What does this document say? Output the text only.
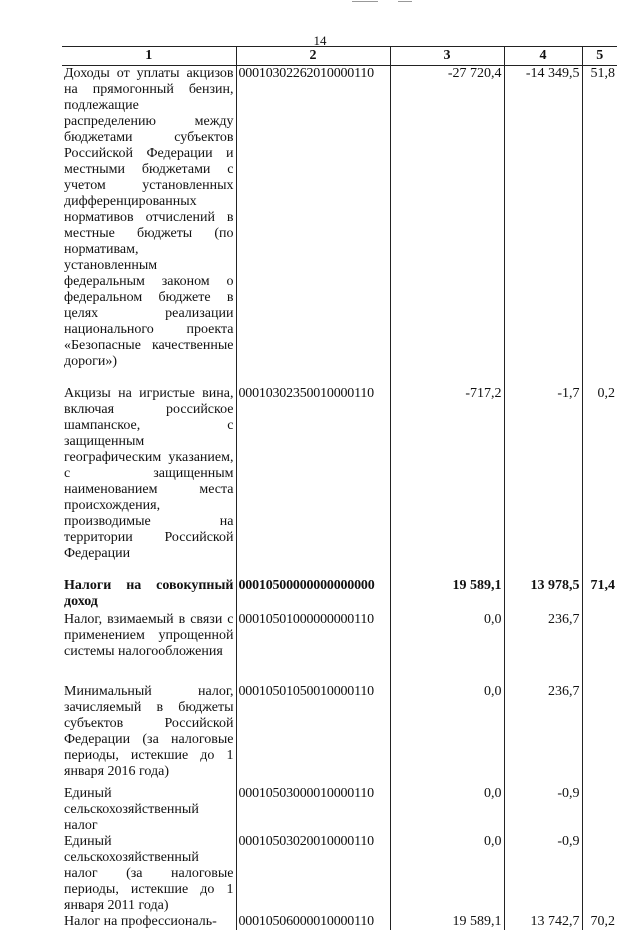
14
1	2	3	4	5
Доходы от уплаты акцизов на прямогонный бензин, подлежащие распределению между бюджетами субъектов Российской Федерации и местными бюджетами с учетом установленных дифференцированных нормативов отчислений в местные бюджеты (по нормативам, установленным федеральным законом о федеральном бюджете в целях реализации национального проекта «Безопасные качественные дороги»)	00010302262010000110	-27 720,4	-14 349,5	51,8
Акцизы на игристые вина, включая российское шампанское, с защищенным географическим указанием, с защищенным наименованием места происхождения, производимые на территории Российской Федерации	00010302350010000110	-717,2	-1,7	0,2
Налоги на совокупный доход	00010500000000000000	19 589,1	13 978,5	71,4
Налог, взимаемый в связи с применением упрощенной системы налогообложения	00010501000000000110	0,0	236,7	
Минимальный налог, зачисляемый в бюджеты субъектов Российской Федерации (за налоговые периоды, истекшие до 1 января 2016 года)	00010501050010000110	0,0	236,7	
Единый сельскохозяйственный налог	00010503000010000110	0,0	-0,9	
Единый сельскохозяйственный налог (за налоговые периоды, истекшие до 1 января 2011 года)	00010503020010000110	0,0	-0,9	
Налог на профессиональ-	00010506000010000110	19 589,1	13 742,7	70,2
